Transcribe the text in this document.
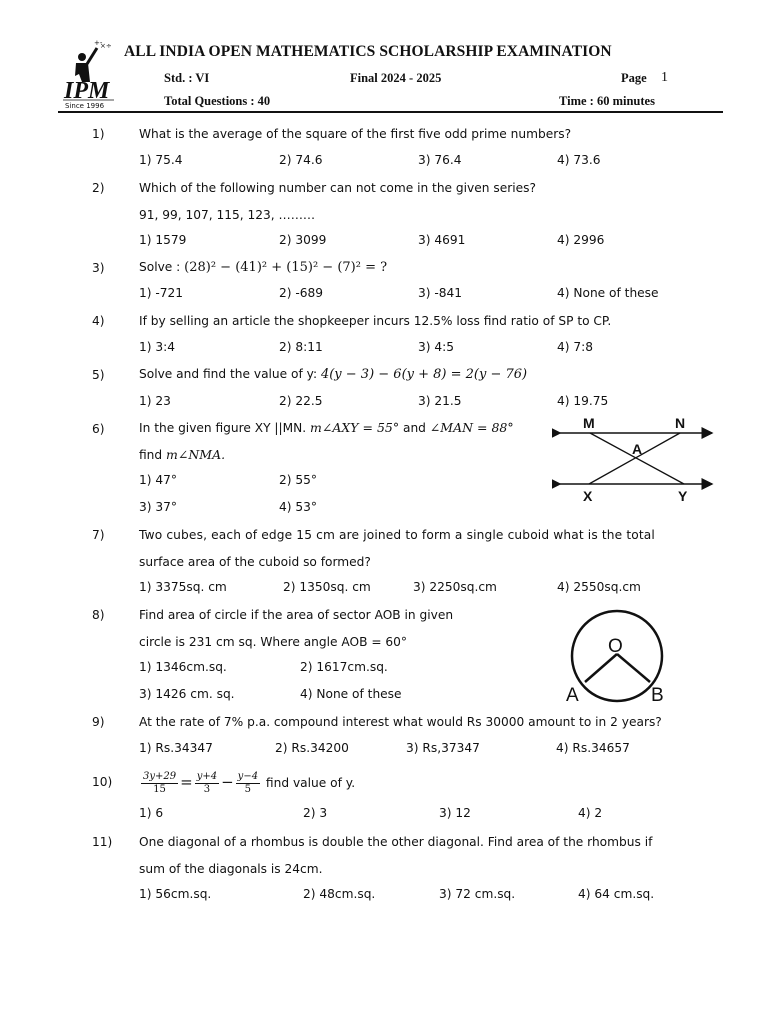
+-
×÷
IPM
Since 1996
ALL INDIA OPEN MATHEMATICS SCHOLARSHIP EXAMINATION
Std. : VI	Final 2024 - 2025	Page 1
Total Questions : 40	Time : 60 minutes
1)	What is the average of the square of the first five odd prime numbers?
1) 75.4	2) 74.6	3) 76.4	4) 73.6
2)	Which of the following number can not come in the given series?
91, 99, 107, 115, 123, ………
1) 1579	2) 3099	3) 4691	4) 2996
3)	Solve : (28)² − (41)² + (15)² − (7)² = ?
1) -721	2) -689	3) -841	4) None of these
4)	If by selling an article the shopkeeper incurs 12.5% loss find ratio of SP to CP.
1) 3:4	2) 8:11	3) 4:5	4) 7:8
5)	Solve and find the value of y: 4(y − 3) − 6(y + 8) = 2(y − 76)
1) 23	2) 22.5	3) 21.5	4) 19.75
6)	In the given figure XY ||MN. m∠AXY = 55° and ∠MAN = 88°
find m∠NMA.
1) 47°	2) 55°
3) 37°	4) 53°
M	N
A
X	Y
7)	Two cubes, each of edge 15 cm are joined to form a single cuboid what is the total
surface area of the cuboid so formed?
1) 3375sq. cm	2) 1350sq. cm	3) 2250sq.cm	4) 2550sq.cm
8)	Find area of circle if the area of sector AOB in given
circle is 231 cm sq. Where angle AOB = 60°
1) 1346cm.sq.	2) 1617cm.sq.
3) 1426 cm. sq.	4) None of these
O
A	B
9)	At the rate of 7% p.a. compound interest what would Rs 30000 amount to in 2 years?
1) Rs.34347	2) Rs.34200	3) Rs,37347	4) Rs.34657
10)	$\frac{3y+29}{15} = \frac{y+4}{3} - \frac{y-4}{5}$ find value of y.
1) 6	2) 3	3) 12	4) 2
11) One diagonal of a rhombus is double the other diagonal. Find area of the rhombus if
sum of the diagonals is 24cm.
1) 56cm.sq.	2) 48cm.sq.	3) 72 cm.sq.	4) 64 cm.sq.
